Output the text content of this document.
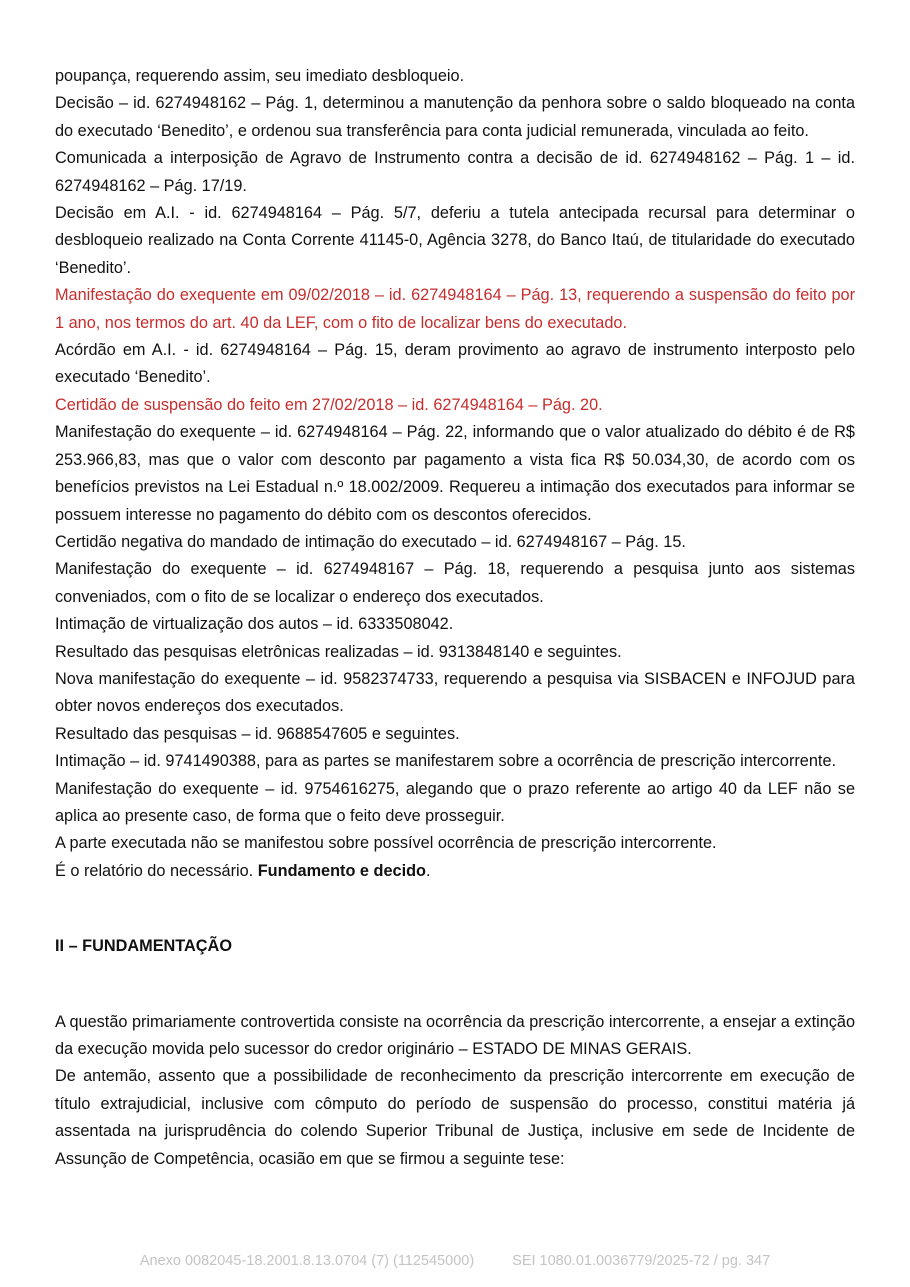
poupança, requerendo assim, seu imediato desbloqueio.

Decisão – id. 6274948162 – Pág. 1, determinou a manutenção da penhora sobre o saldo bloqueado na conta do executado ‘Benedito’, e ordenou sua transferência para conta judicial remunerada, vinculada ao feito.

Comunicada a interposição de Agravo de Instrumento contra a decisão de id. 6274948162 – Pág. 1 – id. 6274948162 – Pág. 17/19.

Decisão em A.I. - id. 6274948164 – Pág. 5/7, deferiu a tutela antecipada recursal para determinar o desbloqueio realizado na Conta Corrente 41145-0, Agência 3278, do Banco Itaú, de titularidade do executado ‘Benedito’.

Manifestação do exequente em 09/02/2018 – id. 6274948164 – Pág. 13, requerendo a suspensão do feito por 1 ano, nos termos do art. 40 da LEF, com o fito de localizar bens do executado.

Acórdão em A.I. - id. 6274948164 – Pág. 15, deram provimento ao agravo de instrumento interposto pelo executado ‘Benedito’.

Certidão de suspensão do feito em 27/02/2018 – id. 6274948164 – Pág. 20.

Manifestação do exequente – id. 6274948164 – Pág. 22, informando que o valor atualizado do débito é de R$ 253.966,83, mas que o valor com desconto par pagamento a vista fica R$ 50.034,30, de acordo com os benefícios previstos na Lei Estadual n.º 18.002/2009. Requereu a intimação dos executados para informar se possuem interesse no pagamento do débito com os descontos oferecidos.

Certidão negativa do mandado de intimação do executado – id. 6274948167 – Pág. 15.

Manifestação do exequente – id. 6274948167 – Pág. 18, requerendo a pesquisa junto aos sistemas conveniados, com o fito de se localizar o endereço dos executados.

Intimação de virtualização dos autos – id. 6333508042.

Resultado das pesquisas eletrônicas realizadas – id. 9313848140 e seguintes.

Nova manifestação do exequente – id. 9582374733, requerendo a pesquisa via SISBACEN e INFOJUD para obter novos endereços dos executados.

Resultado das pesquisas – id. 9688547605 e seguintes.

Intimação – id. 9741490388, para as partes se manifestarem sobre a ocorrência de prescrição intercorrente.

Manifestação do exequente – id. 9754616275, alegando que o prazo referente ao artigo 40 da LEF não se aplica ao presente caso, de forma que o feito deve prosseguir.

A parte executada não se manifestou sobre possível ocorrência de prescrição intercorrente.

É o relatório do necessário. Fundamento e decido.

II – FUNDAMENTAÇÃO

A questão primariamente controvertida consiste na ocorrência da prescrição intercorrente, a ensejar a extinção da execução movida pelo sucessor do credor originário – ESTADO DE MINAS GERAIS.

De antemão, assento que a possibilidade de reconhecimento da prescrição intercorrente em execução de título extrajudicial, inclusive com cômputo do período de suspensão do processo, constitui matéria já assentada na jurisprudência do colendo Superior Tribunal de Justiça, inclusive em sede de Incidente de Assunção de Competência, ocasião em que se firmou a seguinte tese:

Anexo 0082045-18.2001.8.13.0704 (7) (112545000)	SEI 1080.01.0036779/2025-72 / pg. 347
